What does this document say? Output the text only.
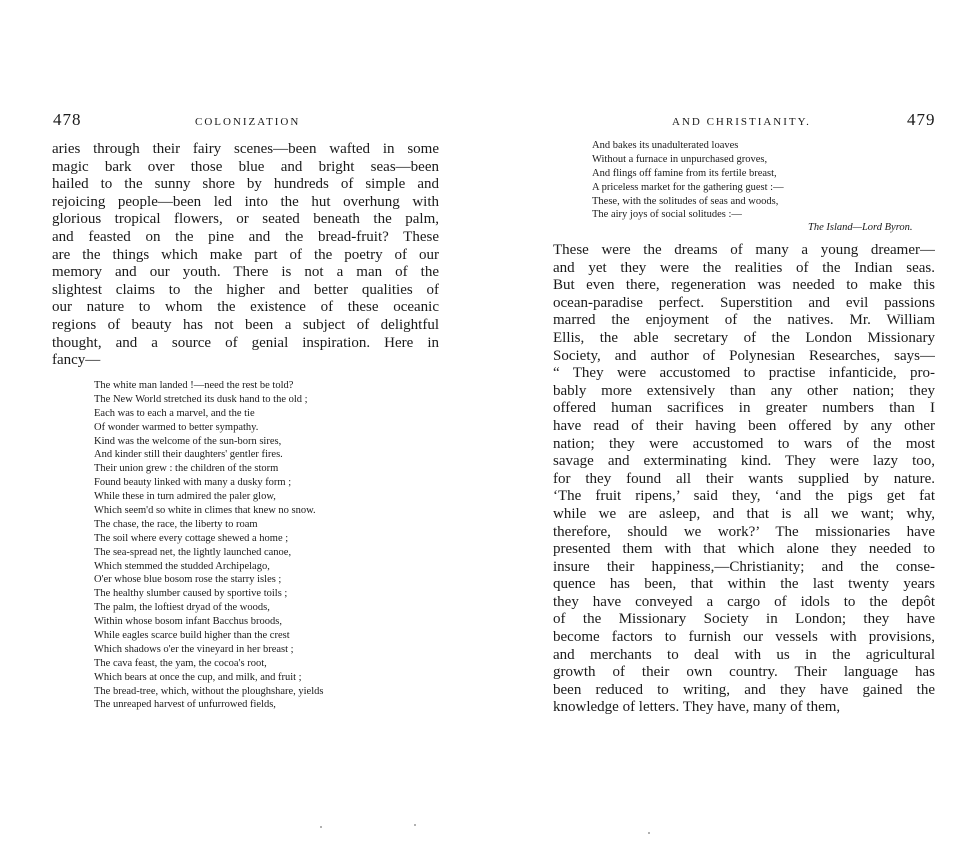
478	COLONIZATION
aries through their fairy scenes—been wafted in some
magic bark over those blue and bright seas—been
hailed to the sunny shore by hundreds of simple and
rejoicing people—been led into the hut overhung with
glorious tropical flowers, or seated beneath the palm,
and feasted on the pine and the bread-fruit? These
are the things which make part of the poetry of our
memory and our youth. There is not a man of the
slightest claims to the higher and better qualities of
our nature to whom the existence of these oceanic
regions of beauty has not been a subject of delightful
thought, and a source of genial inspiration. Here in
fancy—
The white man landed !—need the rest be told?
The New World stretched its dusk hand to the old ;
Each was to each a marvel, and the tie
Of wonder warmed to better sympathy.
Kind was the welcome of the sun-born sires,
And kinder still their daughters' gentler fires.
Their union grew : the children of the storm
Found beauty linked with many a dusky form ;
While these in turn admired the paler glow,
Which seem'd so white in climes that knew no snow.
The chase, the race, the liberty to roam
The soil where every cottage shewed a home ;
The sea-spread net, the lightly launched canoe,
Which stemmed the studded Archipelago,
O'er whose blue bosom rose the starry isles ;
The healthy slumber caused by sportive toils ;
The palm, the loftiest dryad of the woods,
Within whose bosom infant Bacchus broods,
While eagles scarce build higher than the crest
Which shadows o'er the vineyard in her breast ;
The cava feast, the yam, the cocoa's root,
Which bears at once the cup, and milk, and fruit ;
The bread-tree, which, without the ploughshare, yields
The unreaped harvest of unfurrowed fields,
AND CHRISTIANITY.	479
And bakes its unadulterated loaves
Without a furnace in unpurchased groves,
And flings off famine from its fertile breast,
A priceless market for the gathering guest :—
These, with the solitudes of seas and woods,
The airy joys of social solitudes :—
The Island—Lord Byron.
These were the dreams of many a young dreamer—
and yet they were the realities of the Indian seas.
But even there, regeneration was needed to make this
ocean-paradise perfect. Superstition and evil passions
marred the enjoyment of the natives. Mr. William
Ellis, the able secretary of the London Missionary
Society, and author of Polynesian Researches, says—
“ They were accustomed to practise infanticide, pro-
bably more extensively than any other nation; they
offered human sacrifices in greater numbers than I
have read of their having been offered by any other
nation; they were accustomed to wars of the most
savage and exterminating kind. They were lazy too,
for they found all their wants supplied by nature.
‘The fruit ripens,’ said they, ‘and the pigs get fat
while we are asleep, and that is all we want; why,
therefore, should we work?’ The missionaries have
presented them with that which alone they needed to
insure their happiness,—Christianity; and the conse-
quence has been, that within the last twenty years
they have conveyed a cargo of idols to the depôt
of the Missionary Society in London; they have
become factors to furnish our vessels with provisions,
and merchants to deal with us in the agricultural
growth of their own country. Their language has
been reduced to writing, and they have gained the
knowledge of letters. They have, many of them,
